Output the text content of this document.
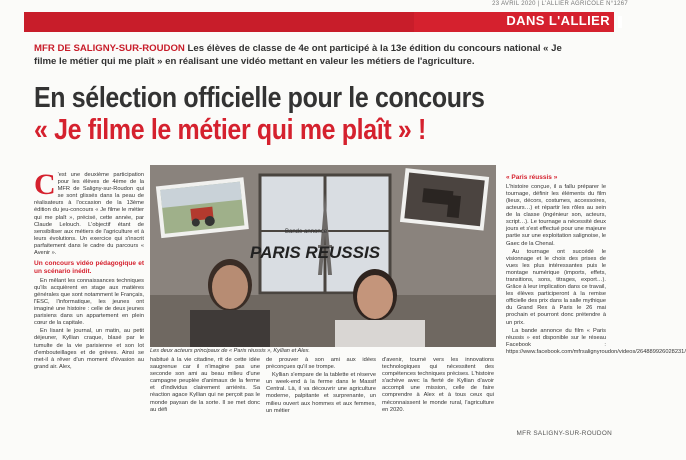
23 AVRIL 2020 | L'ALLIER AGRICOLE N°1267
DANS L'ALLIER
MFR DE SALIGNY-SUR-ROUDON Les élèves de classe de 4e ont participé à la 13e édition du concours national « Je filme le métier qui me plaît » en réalisant une vidéo mettant en valeur les métiers de l'agriculture.
En sélection officielle pour le concours
« Je filme le métier qui me plaît » !
C 'est une deuxième participation pour les élèves de 4ème de la MFR de Saligny-sur-Roudon qui se sont glissés dans la peau de réalisateurs à l'occasion de la 13ème édition du jeu-concours « Je filme le métier qui me plaît », précisé, cette année, par Claude Lelouch. L'objectif étant de sensibiliser aux métiers de l'agriculture et à leurs évolutions. Un exercice qui s'inscrit parfaitement dans le cadre du parcours « Avenir ».

Un concours vidéo pédagogique et un scénario inédit.

En mêlant les connaissances techniques qu'ils acquièrent en stage aux matières générales que sont notamment le Français, l'ESC, l'informatique, les jeunes ont imaginé une histoire : celle de deux jeunes parisiens dans un appartement en plein cœur de la capitale.

En lisant le journal, un matin, au petit déjeuner, Kyllian craque, blasé par le tumulte de la vie parisienne et son lot d'embouteillages et de grèves. Ainsi se met-il à rêver d'un moment d'évasion au grand air. Alex,

Bande annonce
PARIS REUSSIS
Les deux acteurs principaux de « Paris réussis », Kyllian et Alex.

habitué à la vie citadine, rit de cette idée saugrenue car il n'imagine pas une seconde son ami au beau milieu d'une campagne peuplée d'animaux de la ferme et d'individus clairement arriérés. Sa réaction agace Kyllian qui ne perçoit pas le monde paysan de la sorte. Il se met donc au défi

de prouver à son ami aux idées préconçues qu'il se trompe.

Kyllian s'empare de la tablette et réserve un week-end à la ferme dans le Massif Central. Là, il va découvrir une agriculture moderne, palpitante et surprenante, un milieu ouvert aux hommes et aux femmes, un métier

d'avenir, tourné vers les innovations technologiques qui nécessitent des compétences techniques précises. L'histoire s'achève avec la fierté de Kyllian d'avoir accompli une mission, celle de faire comprendre à Alex et à tous ceux qui méconnaissent le monde rural, l'agriculture en 2020.

« Paris réussis »

L'histoire conçue, il a fallu préparer le tournage, définir les éléments du film (lieux, décors, costumes, accessoires, acteurs…) et répartir les rôles au sein de la classe (ingénieur son, acteurs, script…). Le tournage a nécessité deux jours et s'est effectué pour une majeure partie sur une exploitation salignoise, le Gaec de la Chenal.

Au tournage ont succédé le visionnage et le choix des prises de vues les plus intéressantes puis le montage numérique (imports, effets, transitions, sons, titrages, export…). Grâce à leur implication dans ce travail, les élèves participeront à la remise officielle des prix dans la salle mythique du Grand Rex à Paris le 26 mai prochain et pourront donc prétendre à un prix.

La bande annonce du film « Paris réussis » est disponible sur le réseau Facebook : https://www.facebook.com/mfrsalignyroudon/videos/264889926028231/

MFR SALIGNY-SUR-ROUDON
